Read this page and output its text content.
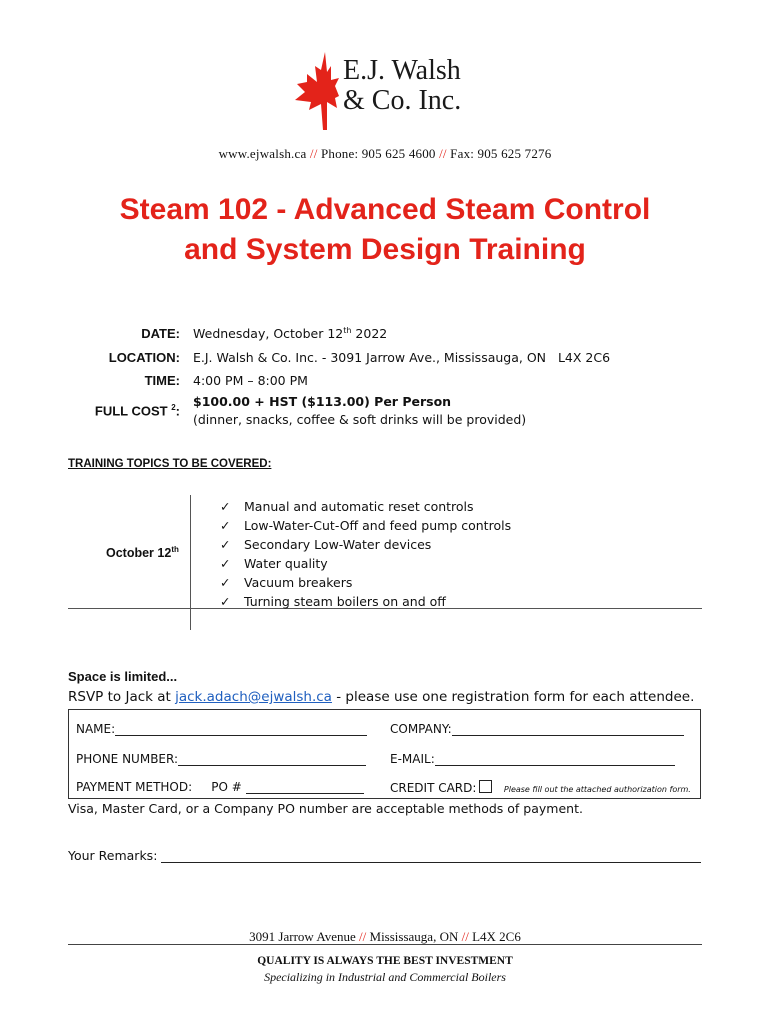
E.J. Walsh
& Co. Inc.
www.ejwalsh.ca // Phone: 905 625 4600 // Fax: 905 625 7276
Steam 102 - Advanced Steam Control
and System Design Training
DATE: Wednesday, October 12th 2022
LOCATION: E.J. Walsh & Co. Inc. - 3091 Jarrow Ave., Mississauga, ON   L4X 2C6
TIME: 4:00 PM – 8:00 PM
FULL COST $^2$:
$100.00 + HST ($113.00) Per Person
(dinner, snacks, coffee & soft drinks will be provided)
TRAINING TOPICS TO BE COVERED:
October 12th
✓ Manual and automatic reset controls
✓ Low-Water-Cut-Off and feed pump controls
✓ Secondary Low-Water devices
✓ Water quality
✓ Vacuum breakers
✓ Turning steam boilers on and off
Space is limited...
RSVP to Jack at jack.adach@ejwalsh.ca - please use one registration form for each attendee.
NAME:	COMPANY:
PHONE NUMBER:	E-MAIL:
PAYMENT METHOD: PO #	CREDIT CARD:	Please fill out the attached authorization form.
Visa, Master Card, or a Company PO number are acceptable methods of payment.
Your Remarks:
3091 Jarrow Avenue // Mississauga, ON // L4X 2C6
QUALITY IS ALWAYS THE BEST INVESTMENT
Specializing in Industrial and Commercial Boilers
